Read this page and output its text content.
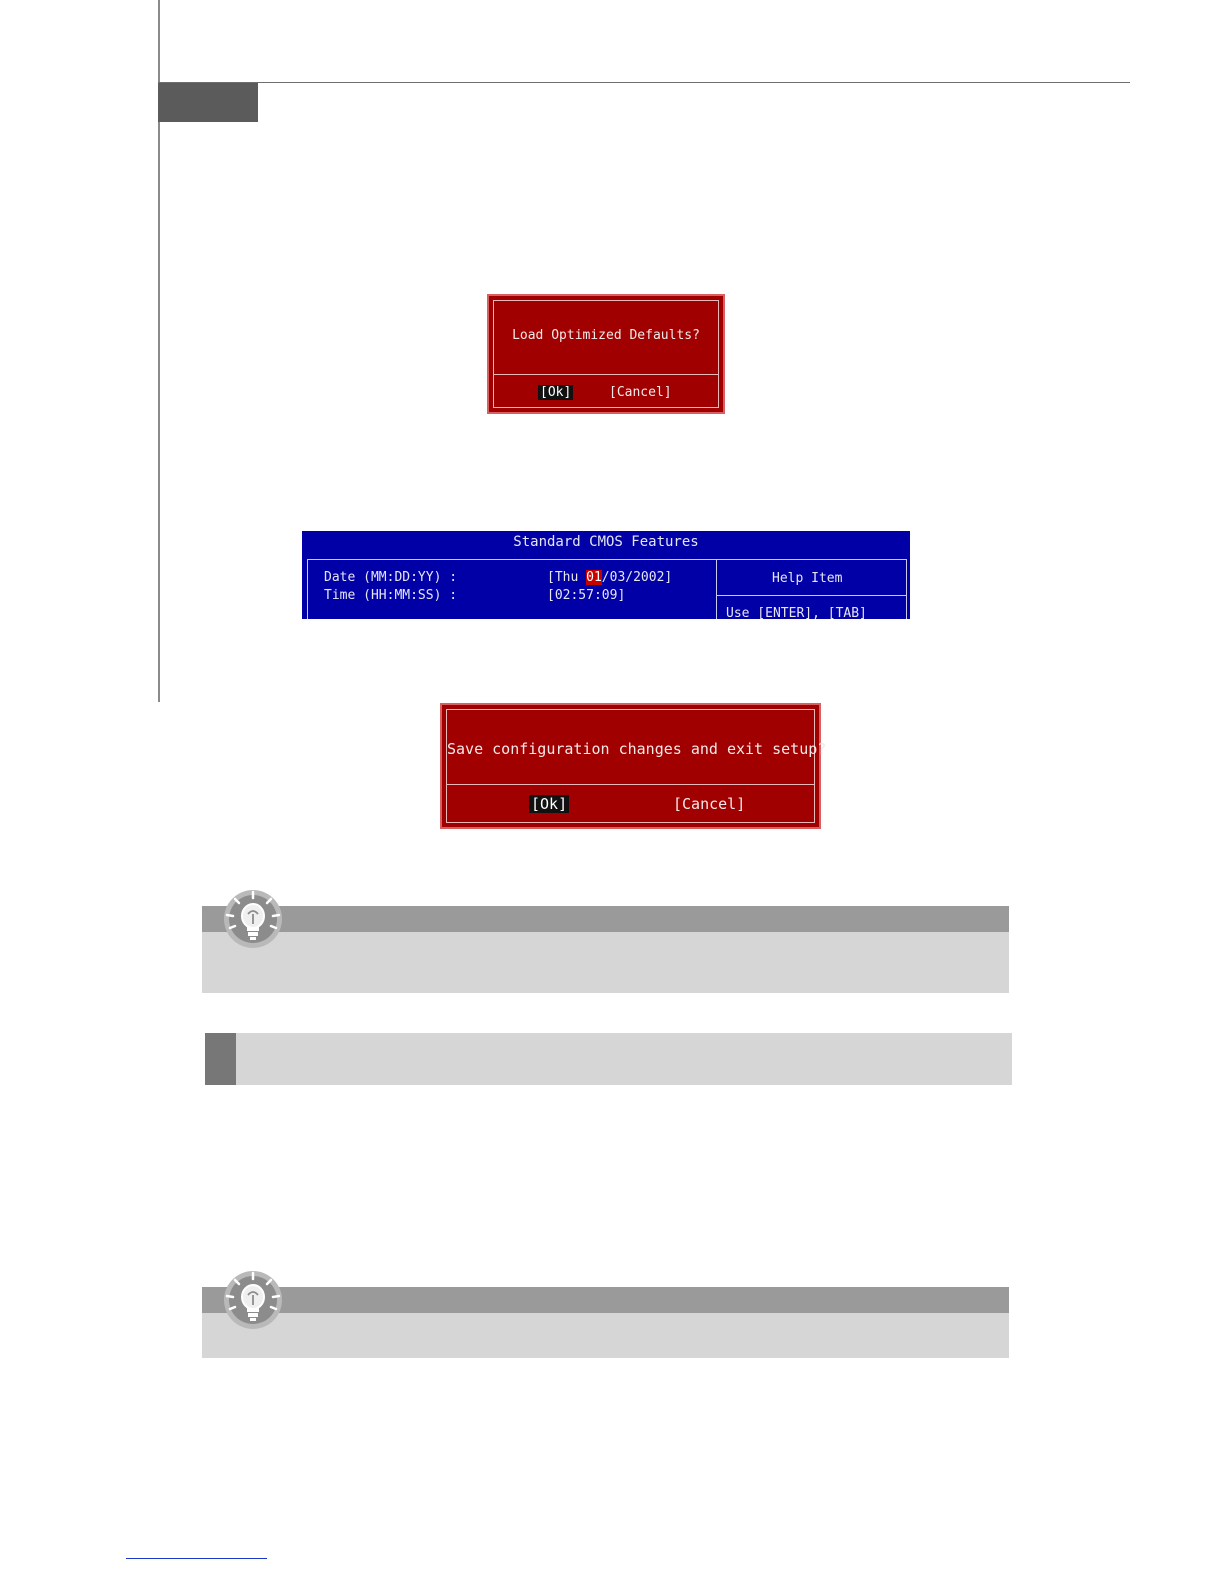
Load Optimized Defaults?
[Ok]	[Cancel]
Standard CMOS Features
Date (MM:DD:YY) :	[Thu 01/03/2002]
Time (HH:MM:SS) :	[02:57:09]
Help Item
Use [ENTER], [TAB]
Save configuration changes and exit setup?
[Ok]	[Cancel]
